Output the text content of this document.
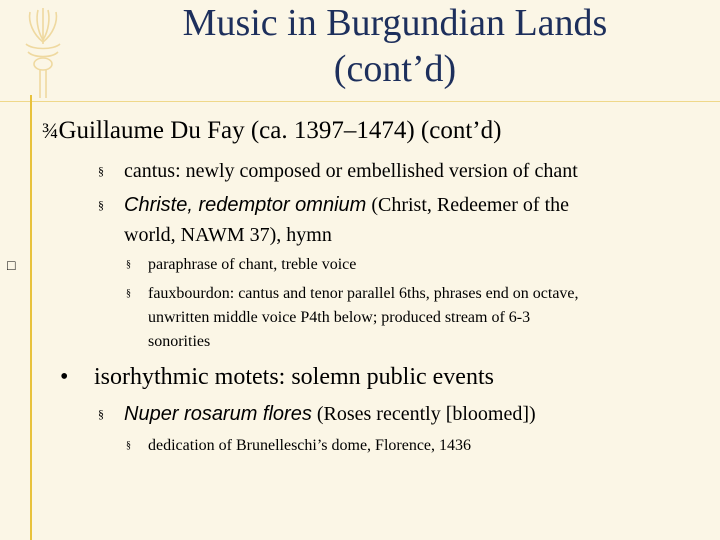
Music in Burgundian Lands
(cont’d)
¾Guillaume Du Fay (ca. 1397–1474) (cont’d)
§ cantus: newly composed or embellished version of chant
§ Christe, redemptor omnium (Christ, Redeemer of the
world, NAWM 37), hymn
□	§ paraphrase of chant, treble voice
§ fauxbourdon: cantus and tenor parallel 6ths, phrases end on octave,
unwritten middle voice P4th below; produced stream of 6-3
sonorities
• isorhythmic motets: solemn public events
§ Nuper rosarum flores (Roses recently [bloomed])
§ dedication of Brunelleschi’s dome, Florence, 1436
